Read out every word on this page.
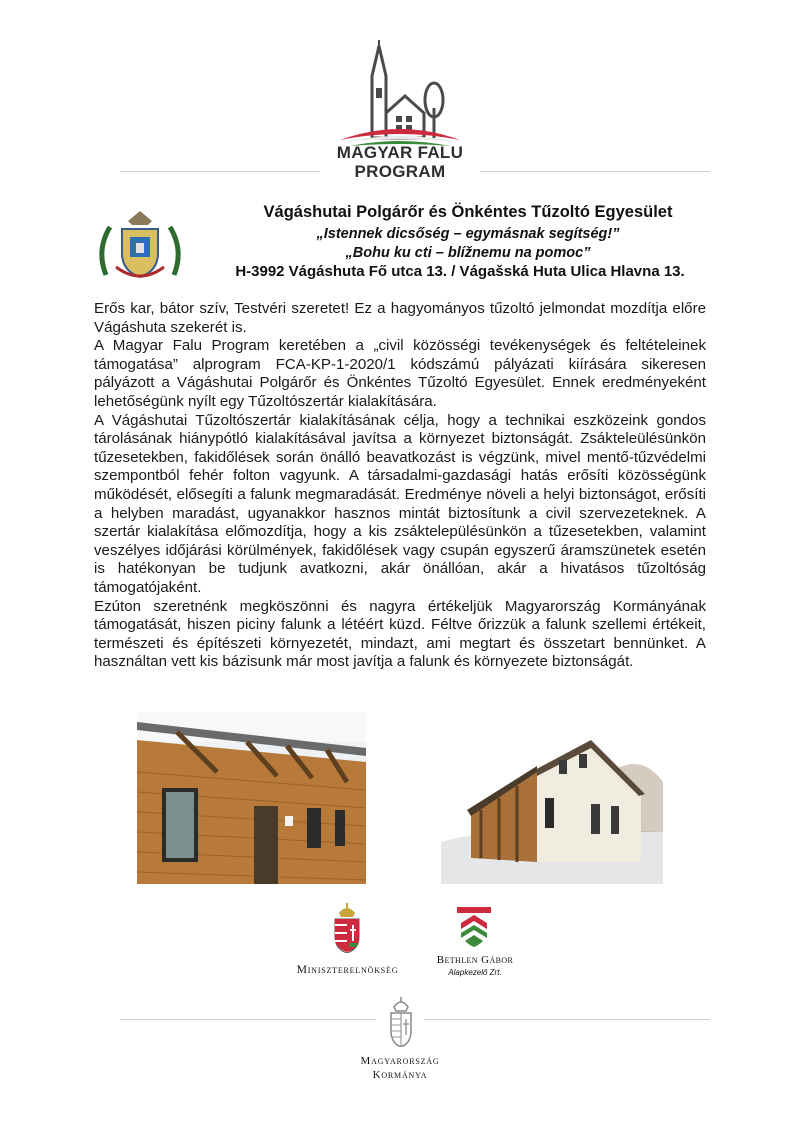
MAGYAR FALU
PROGRAM
Vágáshutai Polgárőr és Önkéntes Tűzoltó Egyesület
„Istennek dicsőség – egymásnak segítség!”
„Bohu ku cti – blížnemu na pomoc”
H-3992 Vágáshuta Fő utca 13. / Vágašská Huta Ulica Hlavna 13.

Erős kar, bátor szív, Testvéri szeretet! Ez a hagyományos tűzoltó jelmondat mozdítja előre Vágáshuta szekerét is.

A Magyar Falu Program keretében a „civil közösségi tevékenységek és feltételeinek támogatása” alprogram FCA-KP-1-2020/1 kódszámú pályázati kiírására sikeresen pályázott a Vágáshutai Polgárőr és Önkéntes Tűzoltó Egyesület. Ennek eredményeként lehetőségünk nyílt egy Tűzoltószertár kialakítására.

A Vágáshutai Tűzoltószertár kialakításának célja, hogy a technikai eszközeink gondos tárolásának hiánypótló kialakításával javítsa a környezet biztonságát. Zsákteleülésünkön tűzesetekben, fakidőlések során önálló beavatkozást is végzünk, mivel mentő-tűzvédelmi szempontból fehér folton vagyunk. A társadalmi-gazdasági hatás erősíti közösségünk működését, elősegíti a falunk megmaradását. Eredménye növeli a helyi biztonságot, erősíti a helyben maradást, ugyanakkor hasznos mintát biztosítunk a civil szervezeteknek. A szertár kialakítása előmozdítja, hogy a kis zsáktelepülésünkön a tűzesetekben, valamint veszélyes időjárási körülmények, fakidőlések vagy csupán egyszerű áramszünetek esetén is hatékonyan be tudjunk avatkozni, akár önállóan, akár a hivatásos tűzoltóság támogatójaként.

Ezúton szeretnénk megköszönni és nagyra értékeljük Magyarország Kormányának támogatását, hiszen piciny falunk a létéért küzd. Féltve őrizzük a falunk szellemi értékeit, természeti és építészeti környezetét, mindazt, ami megtart és összetart bennünket. A használtan vett kis bázisunk már most javítja a falunk és környezete biztonságát.

Miniszterelnökség
Bethlen Gábor
Alapkezelő Zrt.
Magyarország
Kormánya
